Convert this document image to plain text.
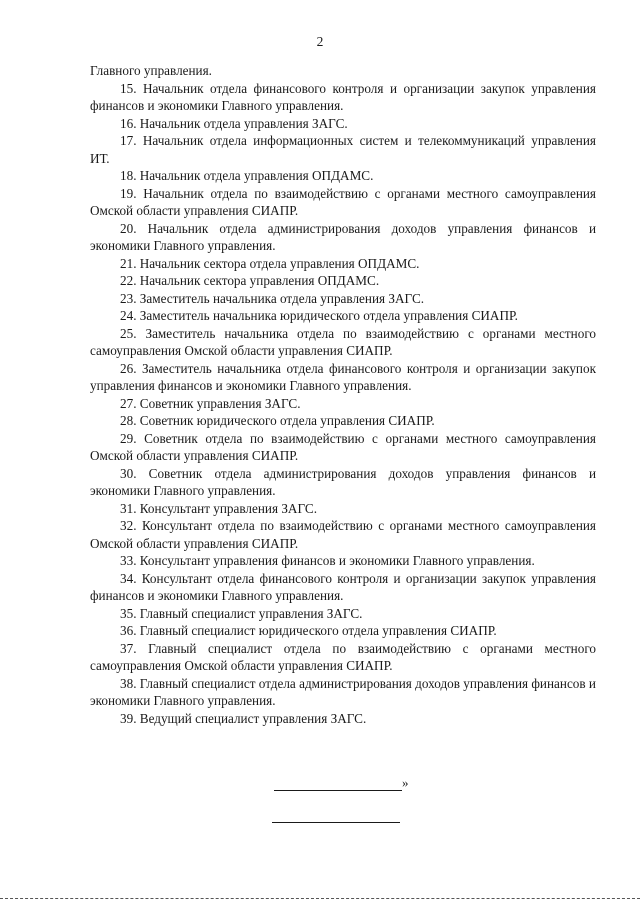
2

Главного управления.

15. Начальник отдела финансового контроля и организации закупок управления финансов и экономики Главного управления.

16. Начальник отдела управления ЗАГС.

17. Начальник отдела информационных систем и телекоммуникаций управления ИТ.

18. Начальник отдела управления ОПДАМС.

19. Начальник отдела по взаимодействию с органами местного самоуправления Омской области управления СИАПР.

20. Начальник отдела администрирования доходов управления финансов и экономики Главного управления.

21. Начальник сектора отдела управления ОПДАМС.

22. Начальник сектора управления ОПДАМС.

23. Заместитель начальника отдела управления ЗАГС.

24. Заместитель начальника юридического отдела управления СИАПР.

25. Заместитель начальника отдела по взаимодействию с органами местного самоуправления Омской области управления СИАПР.

26. Заместитель начальника отдела финансового контроля и организации закупок управления финансов и экономики Главного управления.

27. Советник управления ЗАГС.

28. Советник юридического отдела управления СИАПР.

29. Советник отдела по взаимодействию с органами местного самоуправления Омской области управления СИАПР.

30. Советник отдела администрирования доходов управления финансов и экономики Главного управления.

31. Консультант управления ЗАГС.

32. Консультант отдела по взаимодействию с органами местного самоуправления Омской области управления СИАПР.

33. Консультант управления финансов и экономики Главного управления.

34. Консультант отдела финансового контроля и организации закупок управления финансов и экономики Главного управления.

35. Главный специалист управления ЗАГС.

36. Главный специалист юридического отдела управления СИАПР.

37. Главный специалист отдела по взаимодействию с органами местного самоуправления Омской области управления СИАПР.

38. Главный специалист отдела администрирования доходов управления финансов и экономики Главного управления.

39. Ведущий специалист управления ЗАГС.

»
